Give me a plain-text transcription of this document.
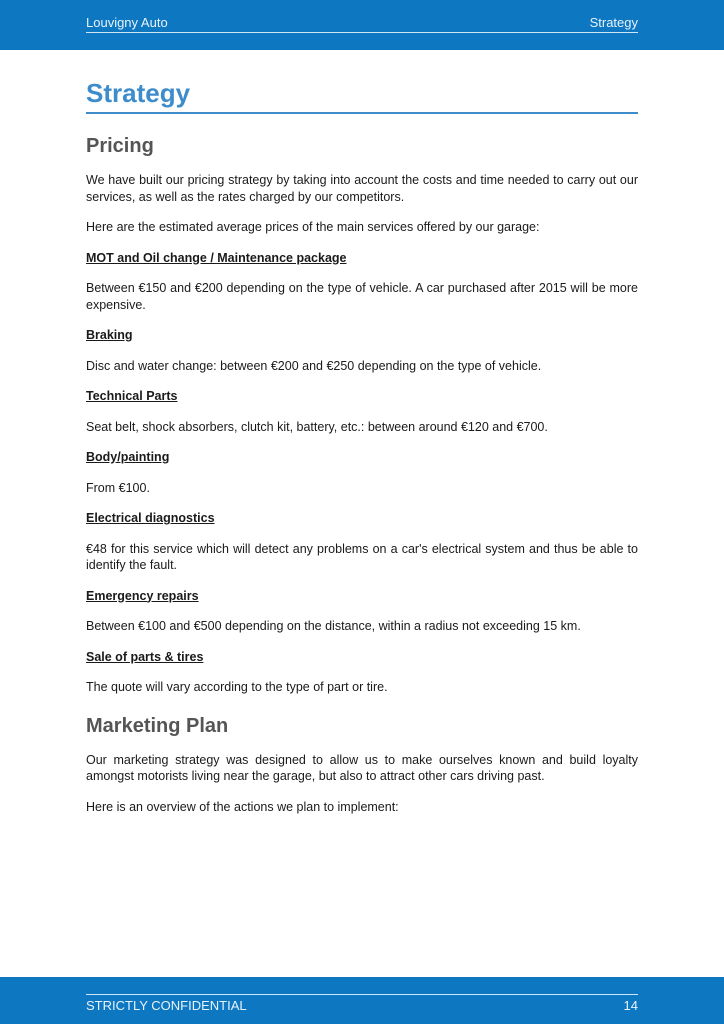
Louvigny Auto	Strategy
Strategy
Pricing

We have built our pricing strategy by taking into account the costs and time needed to carry out our services, as well as the rates charged by our competitors.

Here are the estimated average prices of the main services offered by our garage:

MOT and Oil change / Maintenance package

Between €150 and €200 depending on the type of vehicle. A car purchased after 2015 will be more expensive.

Braking

Disc and water change: between €200 and €250 depending on the type of vehicle.

Technical Parts

Seat belt, shock absorbers, clutch kit, battery, etc.: between around €120 and €700.

Body/painting

From €100.

Electrical diagnostics

€48 for this service which will detect any problems on a car's electrical system and thus be able to identify the fault.

Emergency repairs

Between €100 and €500 depending on the distance, within a radius not exceeding 15 km.

Sale of parts & tires

The quote will vary according to the type of part or tire.

Marketing Plan

Our marketing strategy was designed to allow us to make ourselves known and build loyalty amongst motorists living near the garage, but also to attract other cars driving past.

Here is an overview of the actions we plan to implement:

STRICTLY CONFIDENTIAL	14
